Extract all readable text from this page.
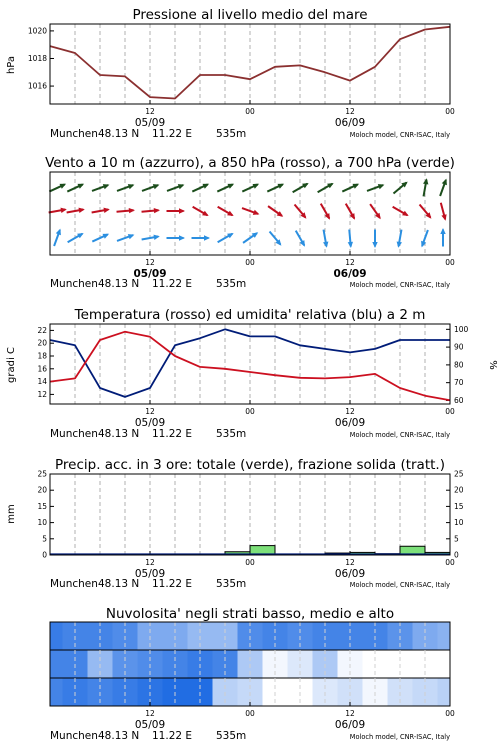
Pressione al livello medio del mare
hPa
1016
1018
1020
12	00	12	00
05/09	06/09
Munchen 48.13 N 11.22 E 535m	Moloch model, CNR-ISAC, Italy
Vento a 10 m (azzurro), a 850 hPa (rosso), a 700 hPa (verde)
12	00	12	00
05/09	06/09
Munchen 48.13 N 11.22 E 535m	Moloch model, CNR-ISAC, Italy
Temperatura (rosso) ed umidita' relativa (blu) a 2 m
gradi C	%
12
14
16
18
20
22
60
70
80
90
100
12	00	12	00
05/09	06/09
Munchen 48.13 N 11.22 E 535m	Moloch model, CNR-ISAC, Italy
Precip. acc. in 3 ore: totale (verde), frazione solida (tratt.)
mm
0
5
10
15
20
25
0
5
10
15
20
25
12	00	12	00
05/09	06/09
Munchen 48.13 N 11.22 E 535m	Moloch model, CNR-ISAC, Italy
Nuvolosita' negli strati basso, medio e alto
12	00	12	00
05/09	06/09
Munchen 48.13 N 11.22 E 535m	Moloch model, CNR-ISAC, Italy
